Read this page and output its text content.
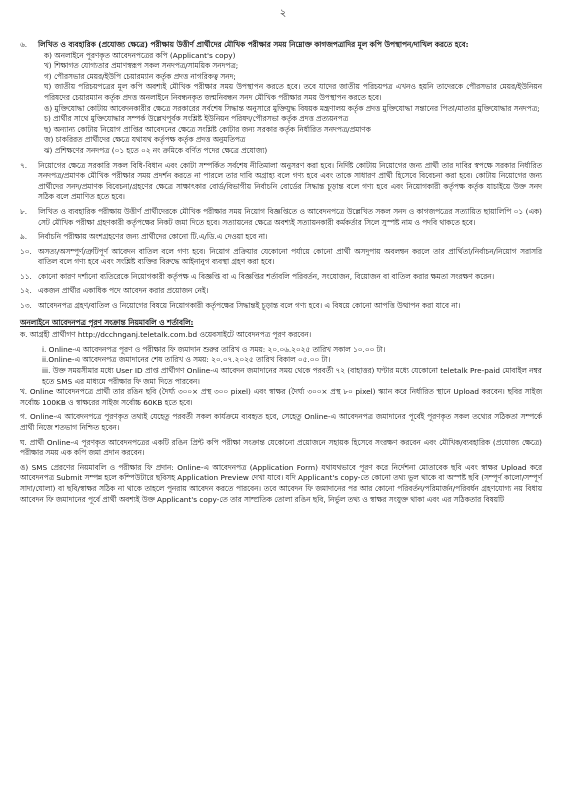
২
৬.	লিখিত ও ব্যবহারিক (প্রযোজ্য ক্ষেত্রে) পরীক্ষায় উত্তীর্ণ প্রার্থীদের মৌখিক পরীক্ষার সময় নিম্নোক্ত কাগজপত্রাদির মূল কপি উপস্থাপন/দাখিল করতে হবে:
ক) অনলাইনে পূরণকৃত আবেদনপত্রের কপি (Applicant's copy)
খ) শিক্ষাগত যোগ্যতার প্রমাণস্বরূপ সকল সনদপত্র/সাময়িক সনদপত্র;
গ) পৌরসভার মেয়র/ইউপি চেয়ারম্যান কর্তৃক প্রদত্ত নাগরিকত্ব সনদ;
ঘ) জাতীয় পরিচয়পত্রের মূল কপি অবশ্যই মৌখিক পরীক্ষার সময় উপস্থাপন করতে হবে। তবে যাদের জাতীয় পরিচয়পত্র এখনও হয়নি তাদেরকে পৌরসভার মেয়র/ইউনিয়ন পরিষদের চেয়ারম্যান কর্তৃক প্রদত্ত অনলাইনে নিবন্ধনকৃত জন্মনিবন্ধন সনদ মৌখিক পরীক্ষার সময় উপস্থাপন করতে হবে।
ঙ) মুক্তিযোদ্ধা কোটায় আবেদনকারীর ক্ষেত্রে সরকারের সর্বশেষ সিদ্ধান্ত অনুসারে মুক্তিযুদ্ধ বিষয়ক মন্ত্রণালয় কর্তৃক প্রদত্ত মুক্তিযোদ্ধা সন্তানের পিতা/মাতার মুক্তিযোদ্ধার সনদপত্র;
চ) প্রার্থীর সাথে মুক্তিযোদ্ধার সম্পর্ক উল্লেখপূর্বক সংশ্লিষ্ট ইউনিয়ন পরিষদ/পৌরসভা কর্তৃক প্রদত্ত প্রত্যয়নপত্র
ছ) অন্যান্য কোটায় নিয়োগ প্রাপ্তির আবেদনের ক্ষেত্রে সংশ্লিষ্ট কোটার জন্য সরকার কর্তৃক নির্ধারিত সনদপত্র/প্রমাণক
জ) চাকরিরত প্রার্থীদের ক্ষেত্রে যথাযথ কর্তৃপক্ষ কর্তৃক প্রদত্ত অনুমতিপত্র
ঝ) প্রশিক্ষণের সনদপত্র (০১ হতে ০২ নং ক্রমিকে বর্ণিত পদের ক্ষেত্রে প্রযোজ্য)
৭.	নিয়োগের ক্ষেত্রে সরকারি সকল বিধি-বিধান এবং কোটা সম্পর্কিত সর্বশেষ নীতিমালা অনুসরণ করা হবে। নির্দিষ্ট কোটায় নিয়োগের জন্য প্রার্থী তার দাবির স্বপক্ষে সরকার নির্ধারিত সনদপত্র/প্রমাণক মৌখিক পরীক্ষার সময় প্রদর্শন করতে না পারলে তার দাবি অগ্রাহ্য বলে গণ্য হবে এবং তাকে সাধারণ প্রার্থী হিসেবে বিবেচনা করা হবে। কোটায় নিয়োগের জন্য প্রার্থীদের সনদ/প্রমাণক বিবেচনা/গ্রহণের ক্ষেত্রে সাক্ষাৎকার বোর্ড/বিভাগীয় নির্বাচনি বোর্ডের সিদ্ধান্ত চূড়ান্ত বলে গণ্য হবে এবং নিয়োগকারী কর্তৃপক্ষ কর্তৃক যাচাইয়ে উক্ত সনদ সঠিক বলে প্রমাণিত হতে হবে।
৮.	লিখিত ও ব্যবহারিক পরীক্ষায় উত্তীর্ণ প্রার্থীদেরকে মৌখিক পরীক্ষার সময় নিয়োগ বিজ্ঞপ্তিতে ও আবেদনপত্রে উল্লেখিত সকল সনদ ও কাগজপত্রের সত্যায়িত ছায়ালিপি ০১ (এক) সেট মৌখিক পরীক্ষা গ্রহণকারী কর্তৃপক্ষের নিকট জমা দিতে হবে। সত্যায়নের ক্ষেত্রে অবশ্যই সত্যায়নকারী কর্মকর্তার সিলে সুস্পষ্ট নাম ও পদবি থাকতে হবে।
৯.	নির্বাচনি পরীক্ষায় অংশগ্রহণের জন্য প্রার্থীদের কোনো টি.এ/ডি.এ দেওয়া হবে না।
১০. অসত্য/অসম্পূর্ণ/ত্রুটিপূর্ণ আবেদন বাতিল বলে গণ্য হবে। নিয়োগ প্রক্রিয়ার যেকোনো পর্যায়ে কোনো প্রার্থী অসদুপায় অবলম্বন করলে তার প্রার্থিতা/নির্বাচন/নিয়োগ সরাসরি বাতিল বলে গণ্য হবে এবং সংশ্লিষ্ট ব্যক্তির বিরুদ্ধে আইনানুগ ব্যবস্থা গ্রহণ করা হবে।
১১. কোনো কারণ দর্শানো ব্যতিরেকে নিয়োগকারী কর্তৃপক্ষ এ বিজ্ঞপ্তি বা এ বিজ্ঞপ্তির শর্তাবলি পরিবর্তন, সংযোজন, বিয়োজন বা বাতিল করার ক্ষমতা সংরক্ষণ করেন।
১২. একজন প্রার্থীর একাধিক পদে আবেদন করার প্রয়োজন নেই।
১৩. আবেদনপত্র গ্রহণ/বাতিল ও নিয়োগের বিষয়ে নিয়োগকারী কর্তৃপক্ষের সিদ্ধান্তই চূড়ান্ত বলে গণ্য হবে। এ বিষয়ে কোনো আপত্তি উত্থাপন করা যাবে না।
অনলাইনে আবেদনপত্র পূরণ সংক্রান্ত নিয়মাবলি ও শর্তাবলি:
ক. আগ্রহী প্রার্থীগণ http://dcchnganj.teletalk.com.bd ওয়েবসাইটে আবেদনপত্র পূরণ করবেন।
i. Online-এ আবেদনপত্র পূরণ ও পরীক্ষার ফি জমাদান শুরুর তারিখ ও সময়: ২০.০৬.২০২৫ তারিখ সকাল ১০.০০ টা।
ii.Online-এ আবেদনপত্র জমাদানের শেষ তারিখ ও সময়: ২০.০৭.২০২৫ তারিখ বিকাল ০৫.০০ টা।
iii. উক্ত সময়সীমার মধ্যে User ID প্রাপ্ত প্রার্থীগণ Online-এ আবেদন জমাদানের সময় থেকে পরবর্তী ৭২ (বাহাত্তর) ঘণ্টার মধ্যে যেকোনো teletalk Pre-paid মোবাইল নম্বর হতে SMS এর মাধ্যমে পরীক্ষার ফি জমা দিতে পারবেন।
খ. Online আবেদনপত্রে প্রার্থী তার রঙিন ছবি (দৈর্ঘ্য ৩০০× প্রস্থ ৩০০ pixel) এবং স্বাক্ষর (দৈর্ঘ্য ৩০০× প্রস্থ ৮০ pixel) স্ক্যান করে নির্ধারিত স্থানে Upload করবেন। ছবির সাইজ সর্বোচ্চ 100KB ও স্বাক্ষরের সাইজ সর্বোচ্চ 60KB হতে হবে।
গ. Online-এ আবেদনপত্রে পূরণকৃত তথ্যই যেহেতু পরবর্তী সকল কার্যক্রমে ব্যবহৃত হবে, সেহেতু Online-এ আবেদনপত্র জমাদানের পূর্বেই পূরণকৃত সকল তথ্যের সঠিকতা সম্পর্কে প্রার্থী নিজে শতভাগ নিশ্চিত হবেন।
ঘ. প্রার্থী Online-এ পূরণকৃত আবেদনপত্রের একটি রঙিন প্রিন্ট কপি পরীক্ষা সংক্রান্ত যেকোনো প্রয়োজনে সহায়ক হিসেবে সংরক্ষণ করবেন এবং মৌখিক/ব্যবহারিক (প্রযোজ্য ক্ষেত্রে) পরীক্ষার সময় এক কপি জমা প্রদান করবেন।
ঙ) SMS প্রেরণের নিয়মাবলি ও পরীক্ষার ফি প্রদান: Online-এ আবেদনপত্র (Application Form) যথাযথভাবে পূরণ করে নির্দেশনা মোতাবেক ছবি এবং স্বাক্ষর Upload করে আবেদনপত্র Submit সম্পন্ন হলে কম্পিউটারে ছবিসহ Application Preview দেখা যাবে। যদি Applicant's copy-তে কোনো তথ্য ভুল থাকে বা অস্পষ্ট ছবি (সম্পূর্ণ কালো/সম্পূর্ণ সাদা/ঘোলা) বা ছবি/স্বাক্ষর সঠিক না থাকে তাহলে পুনরায় আবেদন করতে পারবেন। তবে আবেদন ফি জমাদানের পর আর কোনো পরিবর্তন/পরিমার্জন/পরিবর্ধন গ্রহণযোগ্য নয় বিধায় আবেদন ফি জমাদানের পূর্বে প্রার্থী অবশ্যই উক্ত Applicant's copy-তে তার সাম্প্রতিক তোলা রঙিন ছবি, নির্ভুল তথ্য ও স্বাক্ষর সংযুক্ত থাকা এবং এর সঠিকতার বিষয়টি
